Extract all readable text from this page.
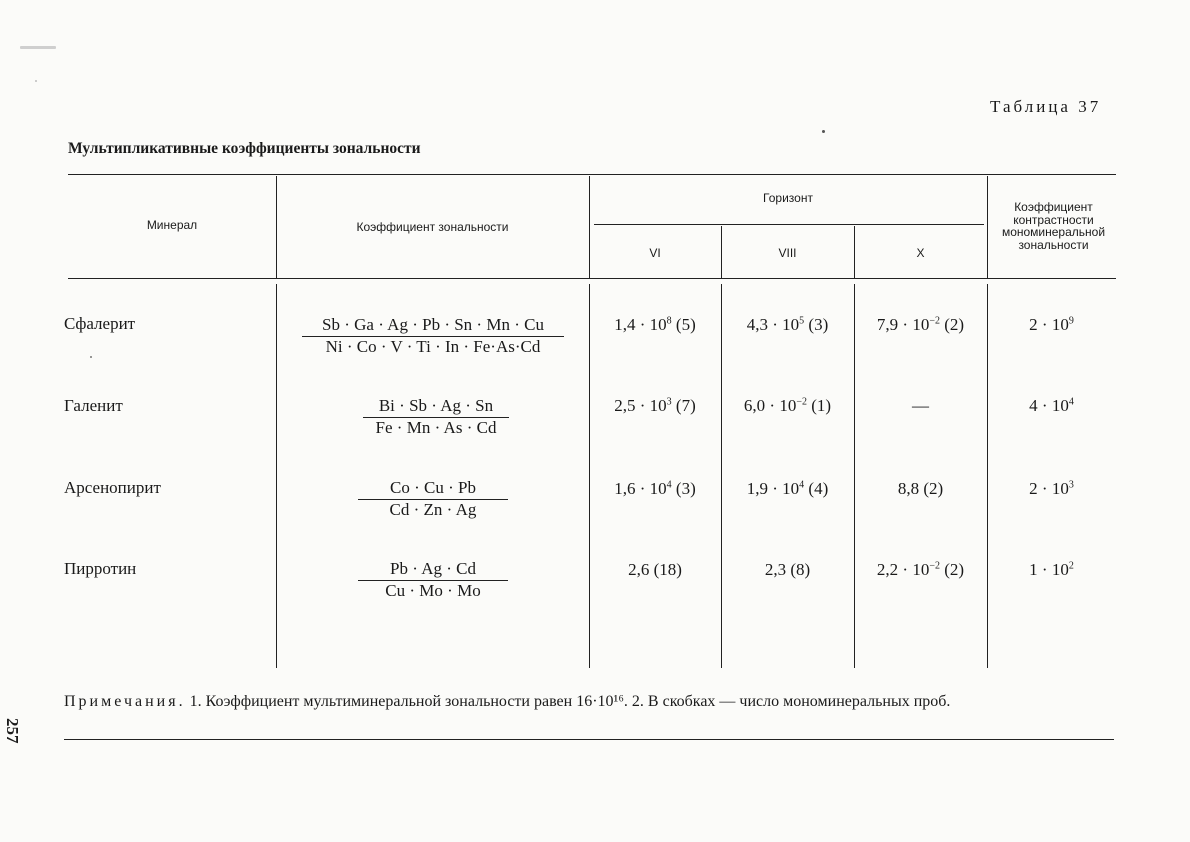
Таблица 37
Мультипликативные коэффициенты зональности
Минерал	Коэффициент зональности
Горизонт
VI	VIII	X
Коэффициент
контрастности
мономинеральной
зональности
Сфалерит	Sb · Ga · Ag · Pb · Sn · Mn · Cu
Ni · Co · V · Ti · In · Fe·As·Cd
$1,4 \cdot 10^8$ (5)	$4,3 \cdot 10^5$ (3)	$7,9 \cdot 10^{-2}$ (2)	$2 \cdot 10^9$
Галенит	Bi · Sb · Ag · Sn
Fe · Mn · As · Cd
$2,5 \cdot 10^3$ (7)	$6,0 \cdot 10^{-2}$ (1)	—	$4 \cdot 10^4$
Арсенопирит	Co · Cu · Pb
Cd · Zn · Ag
$1,6 \cdot 10^4$ (3)	$1,9 \cdot 10^4$ (4)	8,8 (2)	$2 \cdot 10^3$
Пирротин	Pb · Ag · Cd
Cu · Mo · Mo
2,6 (18)	2,3 (8)	$2,2 \cdot 10^{-2}$ (2)	$1 \cdot 10^2$
Примечания. 1. Коэффициент мультиминеральной зональности равен 16·10¹⁶. 2. В скобках — число мономинеральных проб.
257
